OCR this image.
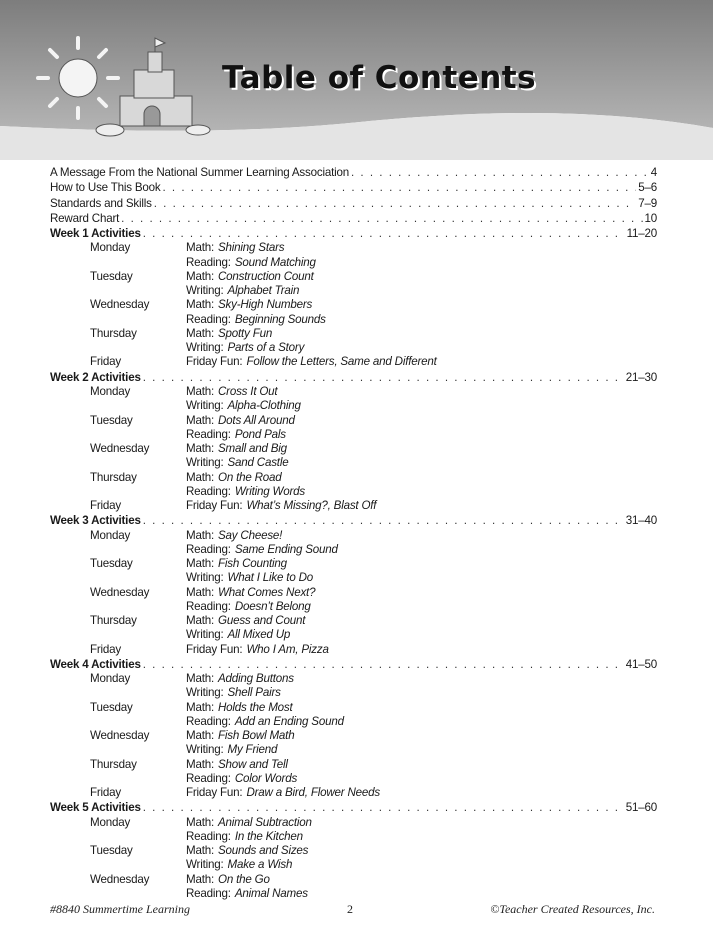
Table of Contents
A Message From the National Summer Learning Association . . .	4
How to Use This Book . . .	5–6
Standards and Skills . . .	7–9
Reward Chart . . .	10
Week 1 Activities . . .	11–20
Monday	Math: Shining Stars
Reading: Sound Matching
Tuesday	Math: Construction Count
Writing: Alphabet Train
Wednesday	Math: Sky-High Numbers
Reading: Beginning Sounds
Thursday	Math: Spotty Fun
Writing: Parts of a Story
Friday	Friday Fun: Follow the Letters, Same and Different
Week 2 Activities . . .	21–30
Monday	Math: Cross It Out
Writing: Alpha-Clothing
Tuesday	Math: Dots All Around
Reading: Pond Pals
Wednesday	Math: Small and Big
Writing: Sand Castle
Thursday	Math: On the Road
Reading: Writing Words
Friday	Friday Fun: What’s Missing?, Blast Off
Week 3 Activities . . .	31–40
Monday	Math: Say Cheese!
Reading: Same Ending Sound
Tuesday	Math: Fish Counting
Writing: What I Like to Do
Wednesday	Math: What Comes Next?
Reading: Doesn’t Belong
Thursday	Math: Guess and Count
Writing: All Mixed Up
Friday	Friday Fun: Who I Am, Pizza
Week 4 Activities . . .	41–50
Monday	Math: Adding Buttons
Writing: Shell Pairs
Tuesday	Math: Holds the Most
Reading: Add an Ending Sound
Wednesday	Math: Fish Bowl Math
Writing: My Friend
Thursday	Math: Show and Tell
Reading: Color Words
Friday	Friday Fun: Draw a Bird, Flower Needs
Week 5 Activities . . .	51–60
Monday	Math: Animal Subtraction
Reading: In the Kitchen
Tuesday	Math: Sounds and Sizes
Writing: Make a Wish
Wednesday	Math: On the Go
Reading: Animal Names
#8840 Summertime Learning	2	©Teacher Created Resources, Inc.
